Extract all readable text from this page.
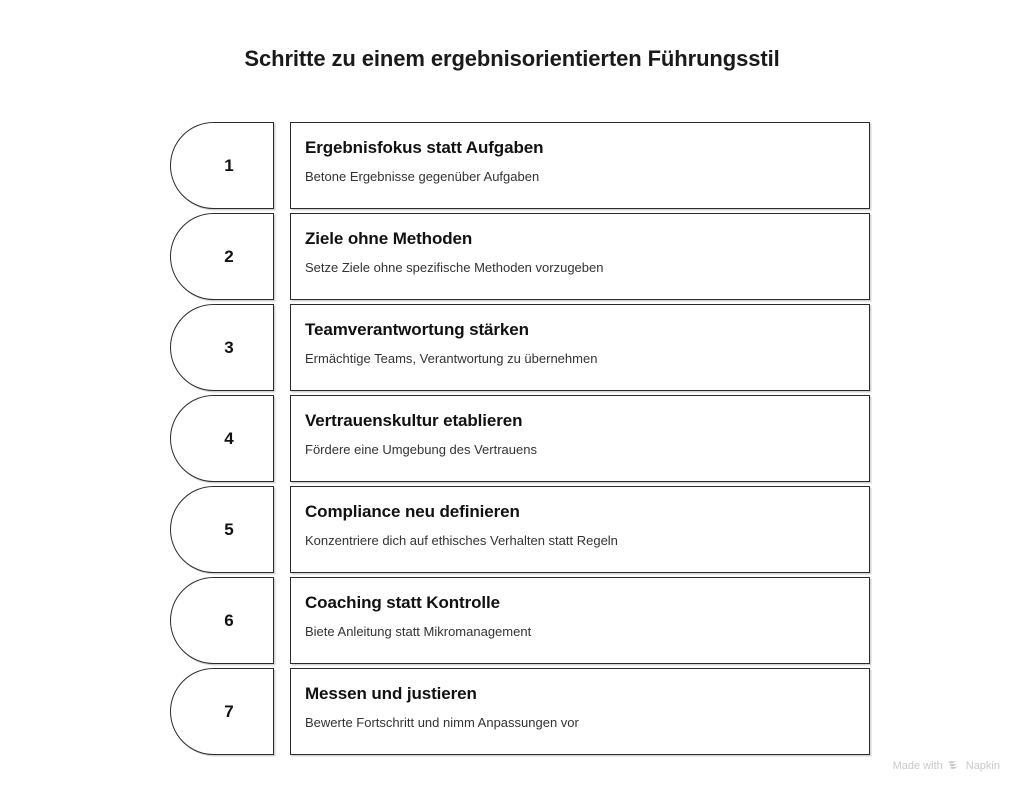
Schritte zu einem ergebnisorientierten Führungsstil
1
Ergebnisfokus statt Aufgaben
Betone Ergebnisse gegenüber Aufgaben
2
Ziele ohne Methoden
Setze Ziele ohne spezifische Methoden vorzugeben
3
Teamverantwortung stärken
Ermächtige Teams, Verantwortung zu übernehmen
4
Vertrauenskultur etablieren
Fördere eine Umgebung des Vertrauens
5
Compliance neu definieren
Konzentriere dich auf ethisches Verhalten statt Regeln
6
Coaching statt Kontrolle
Biete Anleitung statt Mikromanagement
7
Messen und justieren
Bewerte Fortschritt und nimm Anpassungen vor
Made with Napkin
